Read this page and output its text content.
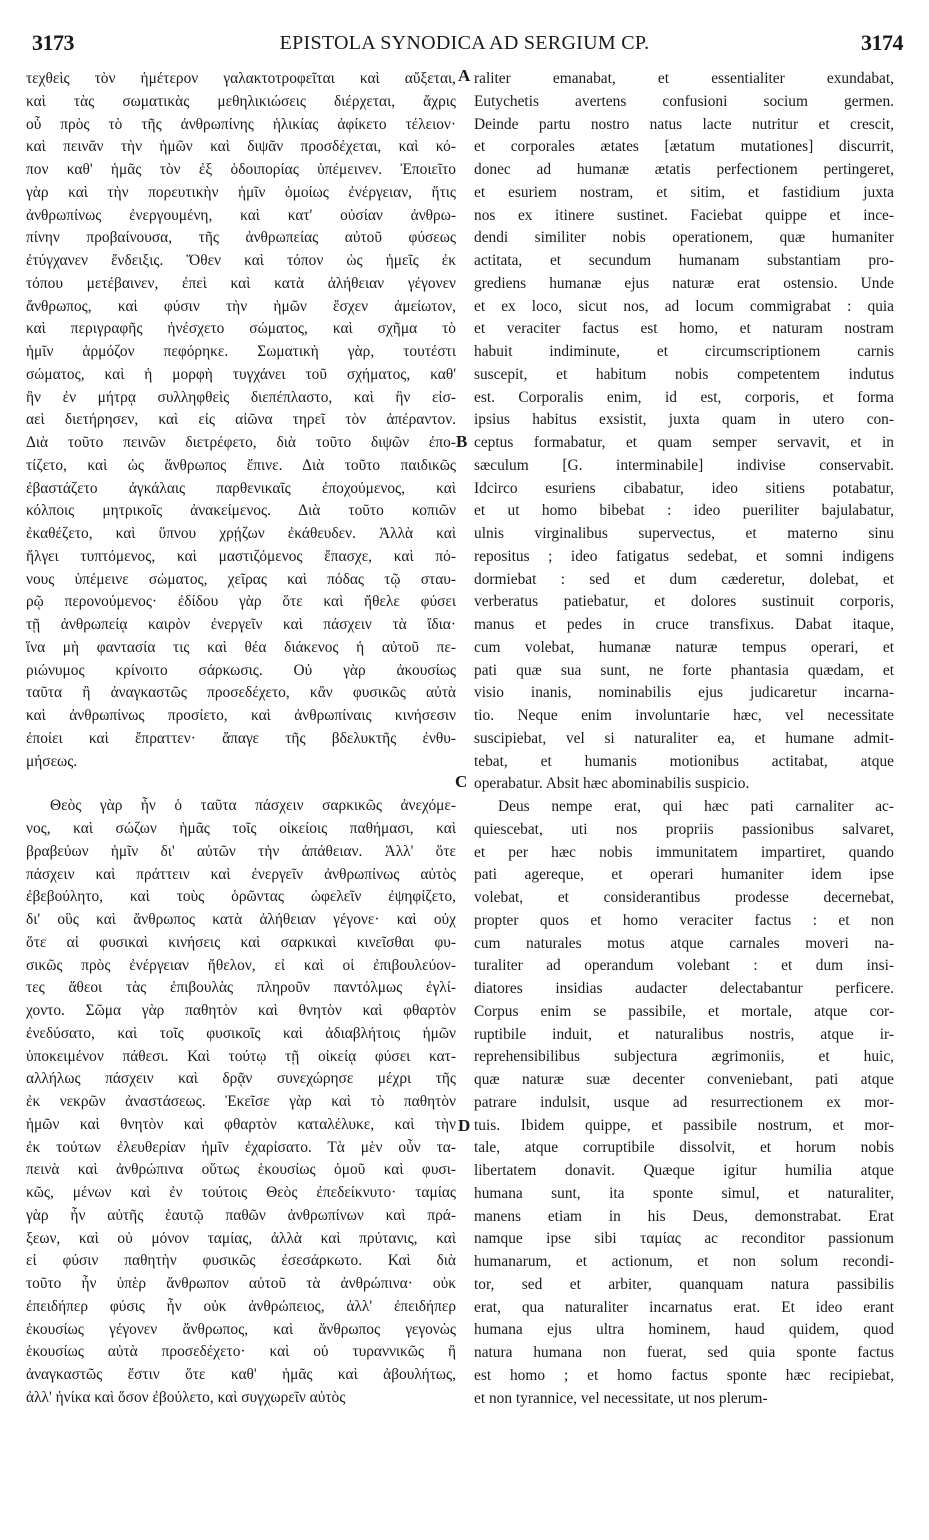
3173	EPISTOLA SYNODICA AD SERGIUM CP.	3174
τεχθεὶς τὸν ἡμέτερον γαλακτοτροφεῖται καὶ αὔξεται,
καὶ τὰς σωματικὰς μεθηλικιώσεις διέρχεται, ἄχρις
οὗ πρὸς τὸ τῆς ἀνθρωπίνης ἡλικίας ἀφίκετο τέλειον·
καὶ πεινᾶν τὴν ἡμῶν καὶ διψᾶν προσδέχεται, καὶ κό-
πον καθ' ἡμᾶς τὸν ἐξ ὁδοιπορίας ὑπέμεινεν. Ἐποιεῖτο
γὰρ καὶ τὴν πορευτικὴν ἡμῖν ὁμοίως ἐνέργειαν, ἥτις
ἀνθρωπίνως ἐνεργουμένη, καὶ κατ' οὐσίαν ἀνθρω-
πίνην προβαίνουσα, τῆς ἀνθρωπείας αὐτοῦ φύσεως
ἐτύγχανεν ἔνδειξις. Ὅθεν καὶ τόπον ὡς ἡμεῖς ἐκ
τόπου μετέβαινεν, ἐπεὶ καὶ κατὰ ἀλήθειαν γέγονεν
ἄνθρωπος, καὶ φύσιν τὴν ἡμῶν ἔσχεν ἀμείωτον,
καὶ περιγραφῆς ἠνέσχετο σώματος, καὶ σχῆμα τὸ
ἡμῖν ἁρμόζον πεφόρηκε. Σωματικὴ γὰρ, τουτέστι
σώματος, καὶ ἡ μορφὴ τυγχάνει τοῦ σχήματος, καθ'
ἣν ἐν μήτρᾳ συλληφθεὶς διεπέπλαστο, καὶ ἣν εἰσ-
αεὶ διετήρησεν, καὶ εἰς αἰῶνα τηρεῖ τὸν ἀπέραντον.
Διὰ τοῦτο πεινῶν διετρέφετο, διὰ τοῦτο διψῶν ἐπο-
τίζετο, καὶ ὡς ἄνθρωπος ἔπινε. Διὰ τοῦτο παιδικῶς
ἐβαστάζετο ἀγκάλαις παρθενικαῖς ἐποχούμενος, καὶ
κόλποις μητρικοῖς ἀνακείμενος. Διὰ τοῦτο κοπιῶν
ἐκαθέζετο, καὶ ὕπνου χρῄζων ἐκάθευδεν. Ἀλλὰ καὶ
ἤλγει τυπτόμενος, καὶ μαστιζόμενος ἔπασχε, καὶ πό-
νους ὑπέμεινε σώματος, χεῖρας καὶ πόδας τῷ σταυ-
ρῷ περονούμενος· ἐδίδου γὰρ ὅτε καὶ ἤθελε φύσει
τῇ ἀνθρωπείᾳ καιρὸν ἐνεργεῖν καὶ πάσχειν τὰ ἴδια·
ἵνα μὴ φαντασία τις καὶ θέα διάκενος ἡ αὐτοῦ πε-
ριώνυμος κρίνοιτο σάρκωσις. Οὐ γὰρ ἀκουσίως
ταῦτα ἢ ἀναγκαστῶς προσεδέχετο, κἂν φυσικῶς αὐτὰ
καὶ ἀνθρωπίνως προσίετο, καὶ ἀνθρωπίναις κινήσεσιν
ἐποίει καὶ ἔπραττεν· ἄπαγε τῆς βδελυκτῆς ἐνθυ-
μήσεως.
Θεὸς γὰρ ἦν ὁ ταῦτα πάσχειν σαρκικῶς ἀνεχόμε-
νος, καὶ σώζων ἡμᾶς τοῖς οἰκείοις παθήμασι, καὶ
βραβεύων ἡμῖν δι' αὐτῶν τὴν ἀπάθειαν. Ἀλλ' ὅτε
πάσχειν καὶ πράττειν καὶ ἐνεργεῖν ἀνθρωπίνως αὐτὸς
ἐβεβούλητο, καὶ τοὺς ὁρῶντας ὠφελεῖν ἐψηφίζετο,
δι' οὓς καὶ ἄνθρωπος κατὰ ἀλήθειαν γέγονε· καὶ οὐχ
ὅτε αἱ φυσικαὶ κινήσεις καὶ σαρκικαὶ κινεῖσθαι φυ-
σικῶς πρὸς ἐνέργειαν ἤθελον, εἰ καὶ οἱ ἐπιβουλεύον-
τες ἄθεοι τὰς ἐπιβουλὰς πληροῦν παντόλμως ἐγλί-
χοντο. Σῶμα γὰρ παθητὸν καὶ θνητὸν καὶ φθαρτὸν
ἐνεδύσατο, καὶ τοῖς φυσικοῖς καὶ ἀδιαβλήτοις ἡμῶν
ὑποκειμένον πάθεσι. Καὶ τούτῳ τῇ οἰκείᾳ φύσει κατ-
αλλήλως πάσχειν καὶ δρᾷν συνεχώρησε μέχρι τῆς
ἐκ νεκρῶν ἀναστάσεως. Ἐκεῖσε γὰρ καὶ τὸ παθητὸν
ἡμῶν καὶ θνητὸν καὶ φθαρτὸν καταλέλυκε, καὶ τὴν
ἐκ τούτων ἐλευθερίαν ἡμῖν ἐχαρίσατο. Τὰ μὲν οὖν τα-
πεινὰ καὶ ἀνθρώπινα οὕτως ἑκουσίως ὁμοῦ καὶ φυσι-
κῶς, μένων καὶ ἐν τούτοις Θεὸς ἐπεδείκνυτο· ταμίας
γὰρ ἦν αὐτῆς ἑαυτῷ παθῶν ἀνθρωπίνων καὶ πρά-
ξεων, καὶ οὐ μόνον ταμίας, ἀλλὰ καὶ πρύτανις, καὶ
εἰ φύσιν παθητὴν φυσικῶς ἐσεσάρκωτο. Καὶ διὰ
τοῦτο ἦν ὑπὲρ ἄνθρωπον αὐτοῦ τὰ ἀνθρώπινα· οὐκ
ἐπειδήπερ φύσις ἦν οὐκ ἀνθρώπειος, ἀλλ' ἐπειδήπερ
ἑκουσίως γέγονεν ἄνθρωπος, καὶ ἄνθρωπος γεγονὼς
ἑκουσίως αὐτὰ προσεδέχετο· καὶ οὐ τυραννικῶς ἢ
ἀναγκαστῶς ἔστιν ὅτε καθ' ἡμᾶς καὶ ἀβουλήτως,
ἀλλ' ἡνίκα καὶ ὅσον ἐβούλετο, καὶ συγχωρεῖν αὐτὸς
raliter emanabat, et essentialiter exundabat,
Eutychetis avertens confusioni socium germen.
Deinde partu nostro natus lacte nutritur et crescit,
et corporales ætates [ætatum mutationes] discurrit,
donec ad humanæ ætatis perfectionem pertingeret,
et esuriem nostram, et sitim, et fastidium juxta
nos ex itinere sustinet. Faciebat quippe et ince-
dendi similiter nobis operationem, quæ humaniter
actitata, et secundum humanam substantiam pro-
grediens humanæ ejus naturæ erat ostensio. Unde
et ex loco, sicut nos, ad locum commigrabat : quia
et veraciter factus est homo, et naturam nostram
habuit indiminute, et circumscriptionem carnis
suscepit, et habitum nobis competentem indutus
est. Corporalis enim, id est, corporis, et forma
ipsius habitus exsistit, juxta quam in utero con-
ceptus formabatur, et quam semper servavit, et in
sæculum [G. interminabile] indivise conservabit.
Idcirco esuriens cibabatur, ideo sitiens potabatur,
et ut homo bibebat : ideo pueriliter bajulabatur,
ulnis virginalibus supervectus, et materno sinu
repositus ; ideo fatigatus sedebat, et somni indigens
dormiebat : sed et dum cæderetur, dolebat, et
verberatus patiebatur, et dolores sustinuit corporis,
manus et pedes in cruce transfixus. Dabat itaque,
cum volebat, humanæ naturæ tempus operari, et
pati quæ sua sunt, ne forte phantasia quædam, et
visio inanis, nominabilis ejus judicaretur incarna-
tio. Neque enim involuntarie hæc, vel necessitate
suscipiebat, vel si naturaliter ea, et humane admit-
tebat, et humanis motionibus actitabat, atque
operabatur. Absit hæc abominabilis suspicio.
Deus nempe erat, qui hæc pati carnaliter ac-
quiescebat, uti nos propriis passionibus salvaret,
et per hæc nobis immunitatem impartiret, quando
pati agereque, et operari humaniter idem ipse
volebat, et considerantibus prodesse decernebat,
propter quos et homo veraciter factus : et non
cum naturales motus atque carnales moveri na-
turaliter ad operandum volebant : et dum insi-
diatores insidias audacter delectabantur perficere.
Corpus enim se passibile, et mortale, atque cor-
ruptibile induit, et naturalibus nostris, atque ir-
reprehensibilibus subjectura ægrimoniis, et huic,
quæ naturæ suæ decenter conveniebant, pati atque
patrare indulsit, usque ad resurrectionem ex mor-
tuis. Ibidem quippe, et passibile nostrum, et mor-
tale, atque corruptibile dissolvit, et horum nobis
libertatem donavit. Quæque igitur humilia atque
humana sunt, ita sponte simul, et naturaliter,
manens etiam in his Deus, demonstrabat. Erat
namque ipse sibi ταμίας ac reconditor passionum
humanarum, et actionum, et non solum recondi-
tor, sed et arbiter, quanquam natura passibilis
erat, qua naturaliter incarnatus erat. Et ideo erant
humana ejus ultra hominem, haud quidem, quod
natura humana non fuerat, sed quia sponte factus
est homo ; et homo factus sponte hæc recipiebat,
et non tyrannice, vel necessitate, ut nos plerum-
A
B
C
D
